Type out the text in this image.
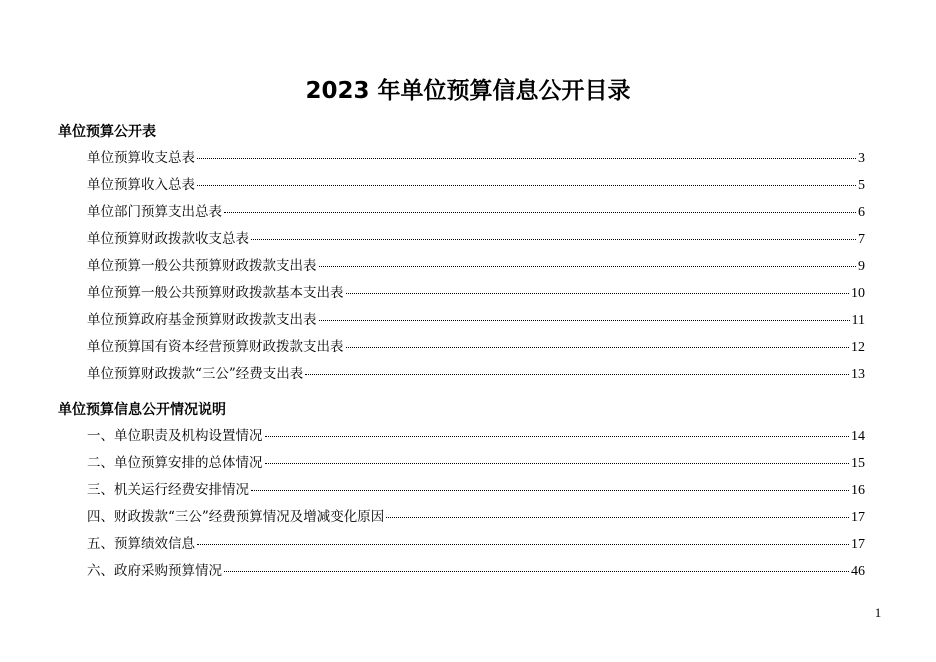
2023 年单位预算信息公开目录
单位预算公开表
单位预算收支总表	3
单位预算收入总表	5
单位部门预算支出总表	6
单位预算财政拨款收支总表	7
单位预算一般公共预算财政拨款支出表	9
单位预算一般公共预算财政拨款基本支出表	10
单位预算政府基金预算财政拨款支出表	11
单位预算国有资本经营预算财政拨款支出表	12
单位预算财政拨款“三公”经费支出表	13
单位预算信息公开情况说明
一、单位职责及机构设置情况	14
二、单位预算安排的总体情况	15
三、机关运行经费安排情况	16
四、财政拨款“三公”经费预算情况及增减变化原因	17
五、预算绩效信息	17
六、政府采购预算情况	46
1
